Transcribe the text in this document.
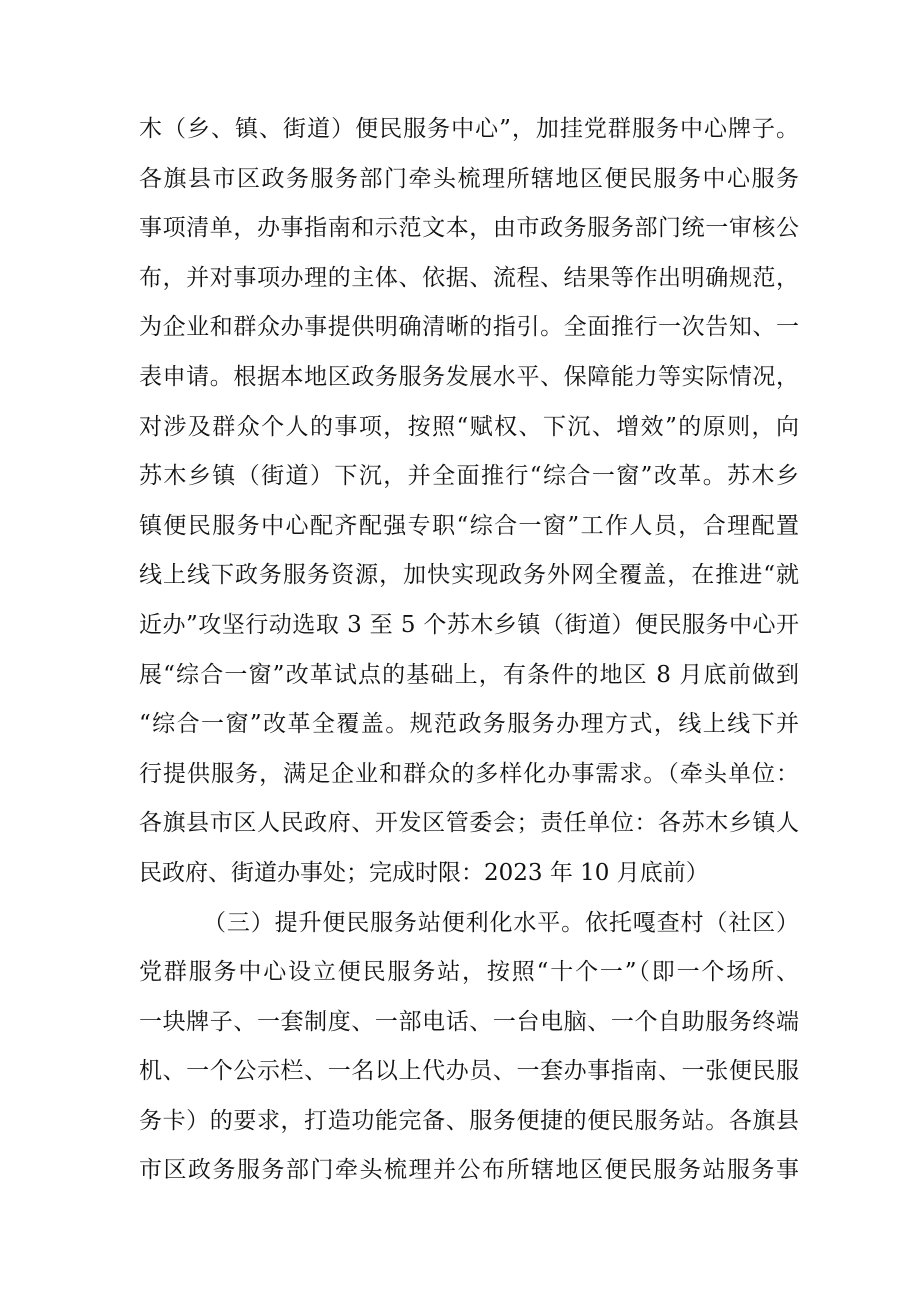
木（乡、镇、街道）便民服务中心”，加挂党群服务中心牌子。
各旗县市区政务服务部门牵头梳理所辖地区便民服务中心服务
事项清单，办事指南和示范文本，由市政务服务部门统一审核公
布，并对事项办理的主体、依据、流程、结果等作出明确规范，
为企业和群众办事提供明确清晰的指引。全面推行一次告知、一
表申请。根据本地区政务服务发展水平、保障能力等实际情况，
对涉及群众个人的事项，按照“赋权、下沉、增效”的原则，向
苏木乡镇（街道）下沉，并全面推行“综合一窗”改革。苏木乡
镇便民服务中心配齐配强专职“综合一窗”工作人员，合理配置
线上线下政务服务资源，加快实现政务外网全覆盖，在推进“就
近办”攻坚行动选取 3 至 5 个苏木乡镇（街道）便民服务中心开
展“综合一窗”改革试点的基础上，有条件的地区 8 月底前做到
“综合一窗”改革全覆盖。规范政务服务办理方式，线上线下并
行提供服务，满足企业和群众的多样化办事需求。（牵头单位：
各旗县市区人民政府、开发区管委会；责任单位：各苏木乡镇人
民政府、街道办事处；完成时限：2023 年 10 月底前）
（三）提升便民服务站便利化水平。依托嘎查村（社区）
党群服务中心设立便民服务站，按照“十个一”（即一个场所、
一块牌子、一套制度、一部电话、一台电脑、一个自助服务终端
机、一个公示栏、一名以上代办员、一套办事指南、一张便民服
务卡）的要求，打造功能完备、服务便捷的便民服务站。各旗县
市区政务服务部门牵头梳理并公布所辖地区便民服务站服务事
